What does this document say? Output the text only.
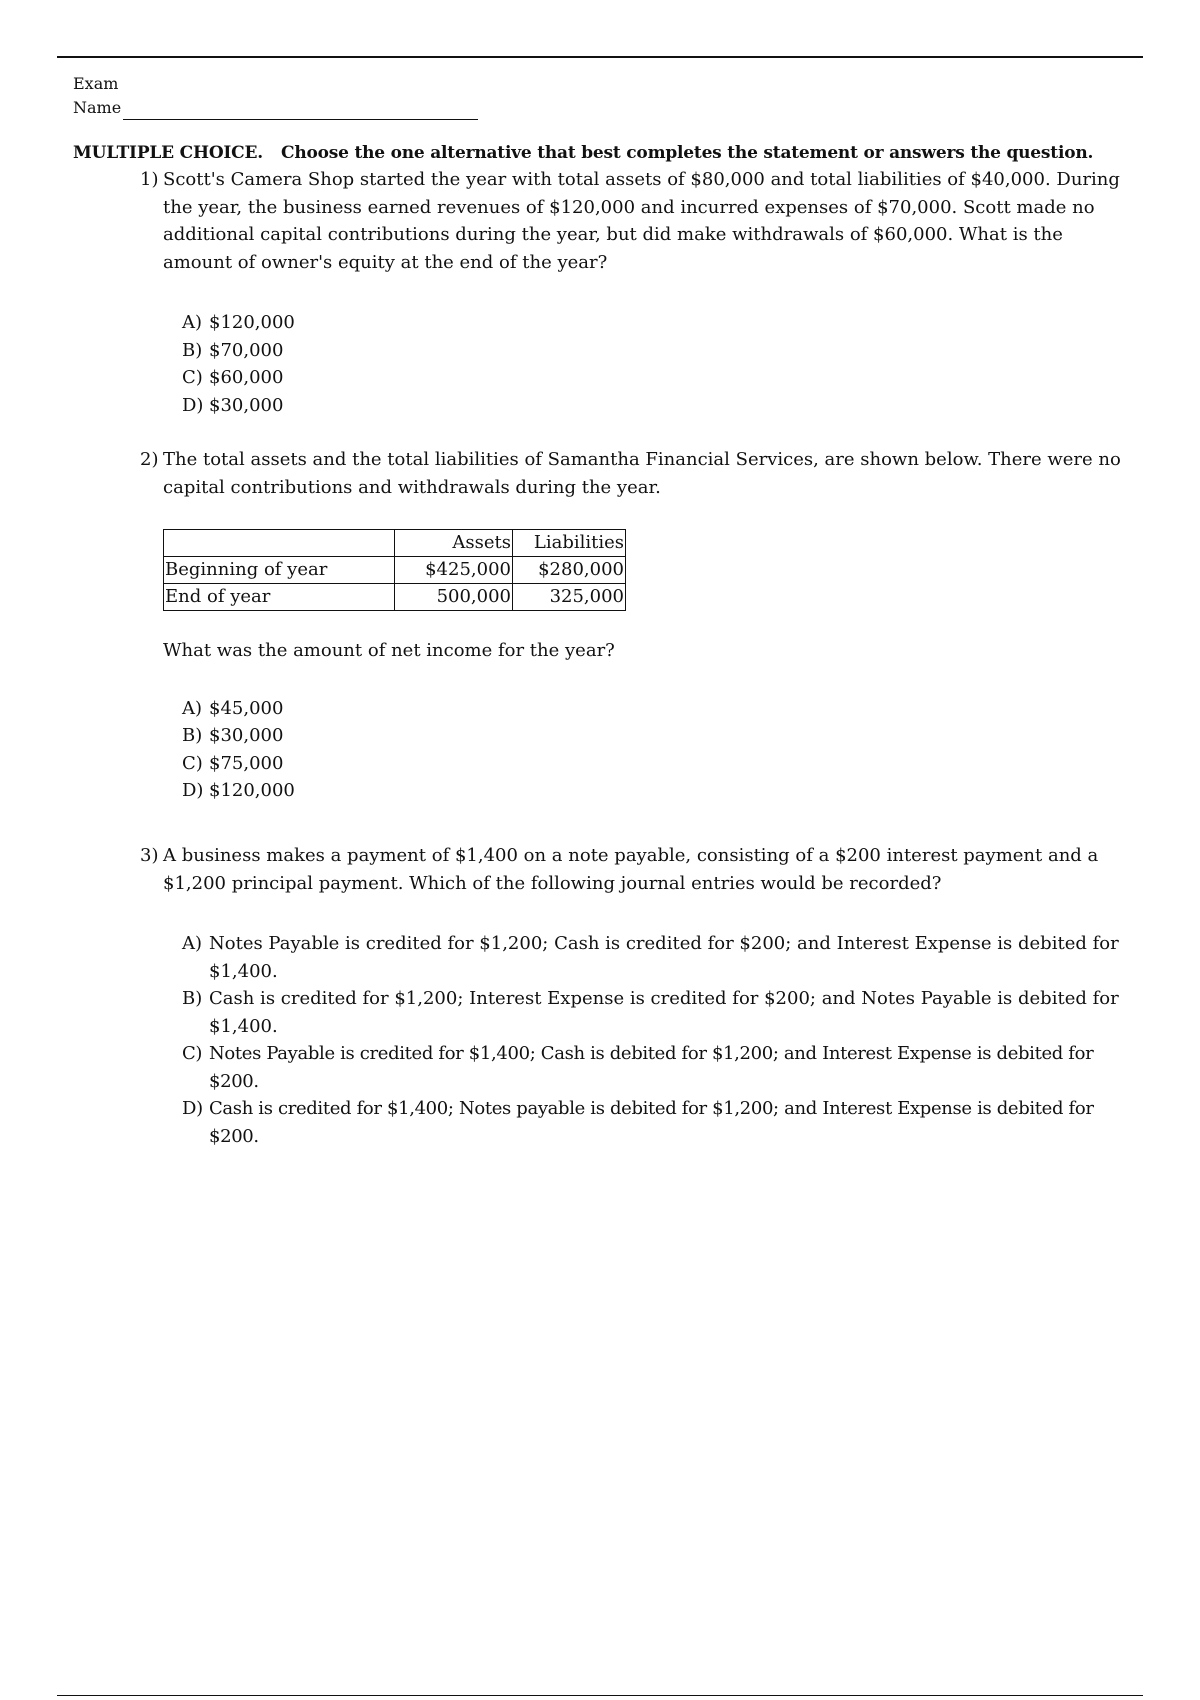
Exam
Name
MULTIPLE CHOICE. Choose the one alternative that best completes the statement or answers the question.

1) Scott's Camera Shop started the year with total assets of $80,000 and total liabilities of $40,000. During the year, the business earned revenues of $120,000 and incurred expenses of $70,000. Scott made no additional capital contributions during the year, but did make withdrawals of $60,000. What is the amount of owner's equity at the end of the year?

A) $120,000

B) $70,000

C) $60,000

D) $30,000

2) The total assets and the total liabilities of Samantha Financial Services, are shown below. There were no capital contributions and withdrawals during the year.

	Assets	Liabilities
Beginning of year	$425,000	$280,000
End of year	500,000	325,000

What was the amount of net income for the year?

A) $45,000

B) $30,000

C) $75,000

D) $120,000

3) A business makes a payment of $1,400 on a note payable, consisting of a $200 interest payment and a $1,200 principal payment. Which of the following journal entries would be recorded?

A) Notes Payable is credited for $1,200; Cash is credited for $200; and Interest Expense is debited for $1,400.

B) Cash is credited for $1,200; Interest Expense is credited for $200; and Notes Payable is debited for $1,400.

C) Notes Payable is credited for $1,400; Cash is debited for $1,200; and Interest Expense is debited for $200.

D) Cash is credited for $1,400; Notes payable is debited for $1,200; and Interest Expense is debited for $200.
